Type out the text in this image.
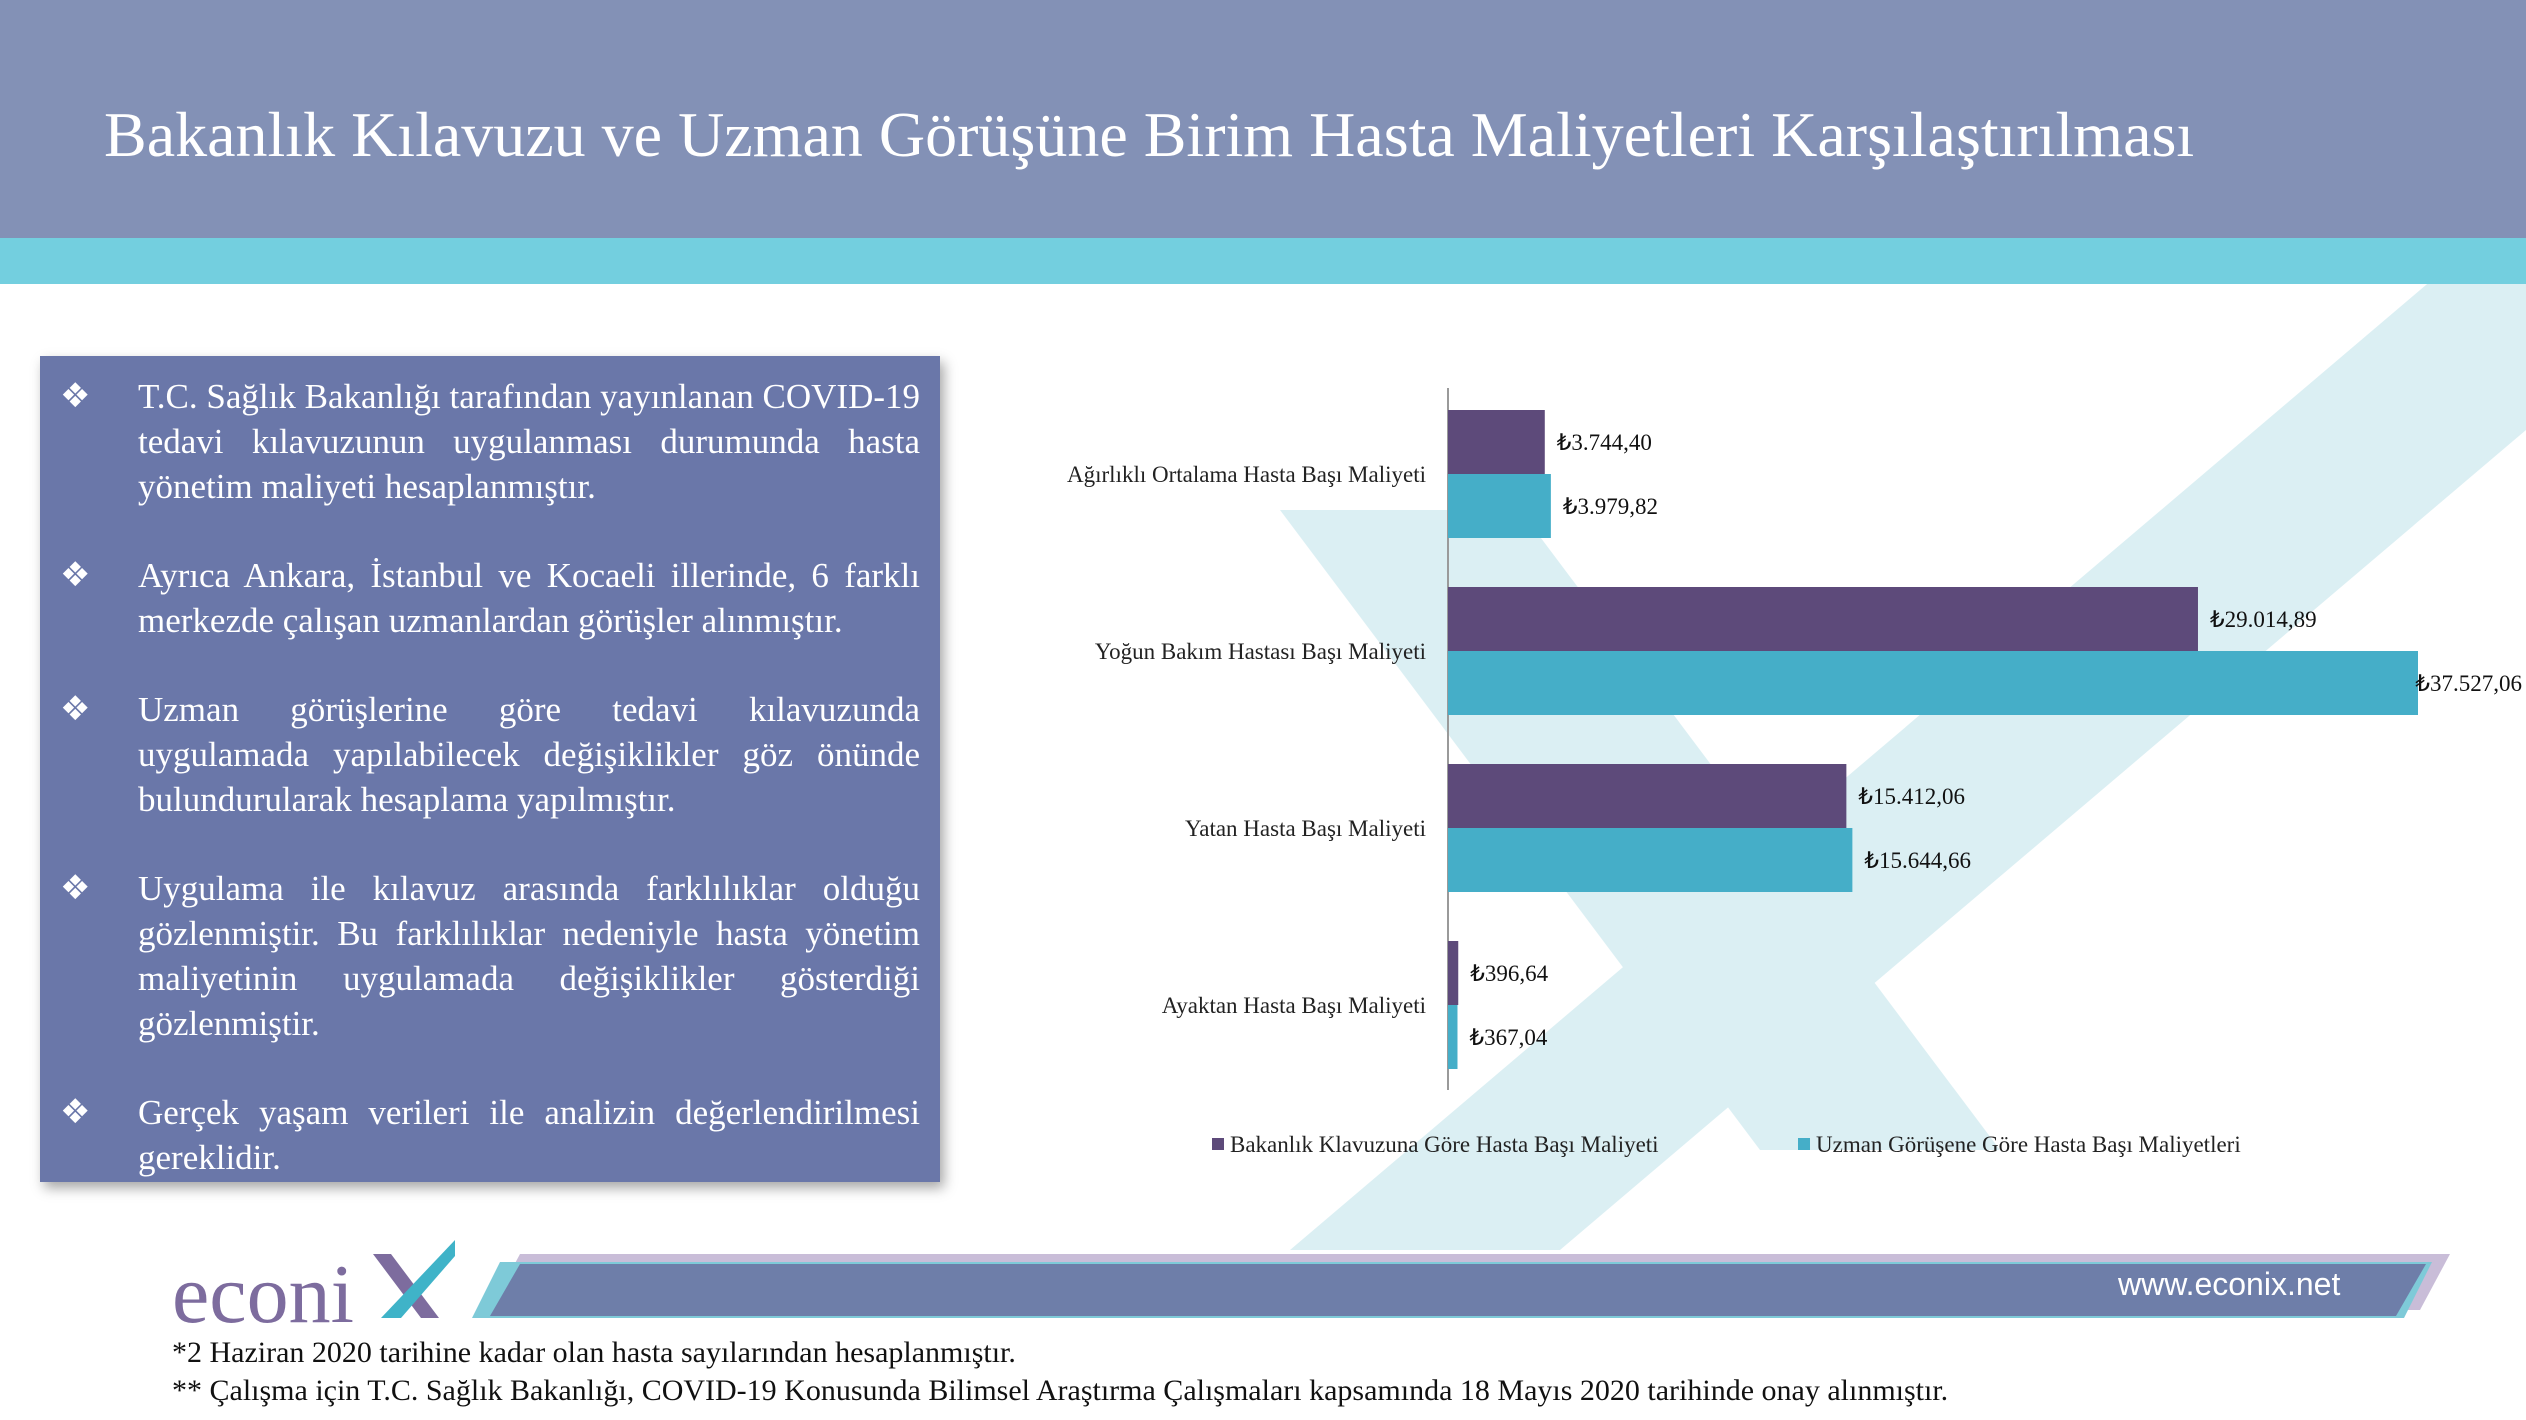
Bakanlık Kılavuzu ve Uzman Görüşüne Birim Hasta Maliyetleri Karşılaştırılması
❖	T.C. Sağlık Bakanlığı tarafından yayınlanan COVID-19 tedavi kılavuzunun uygulanması durumunda hasta yönetim maliyeti hesaplanmıştır.
❖	Ayrıca Ankara, İstanbul ve Kocaeli illerinde, 6 farklı merkezde çalışan uzmanlardan görüşler alınmıştır.
❖	Uzman görüşlerine göre tedavi kılavuzunda uygulamada yapılabilecek değişiklikler göz önünde bulundurularak hesaplama yapılmıştır.
❖	Uygulama ile kılavuz arasında farklılıklar olduğu gözlenmiştir. Bu farklılıklar nedeniyle hasta yönetim maliyetinin uygulamada değişiklikler gösterdiği gözlenmiştir.
❖	Gerçek yaşam verileri ile analizin değerlendirilmesi gereklidir.
Ağırlıklı Ortalama Hasta Başı Maliyeti
₺3.744,40
₺3.979,82
Yoğun Bakım Hastası Başı Maliyeti
₺29.014,89
₺37.527,06
Yatan Hasta Başı Maliyeti
₺15.412,06
₺15.644,66
Ayaktan Hasta Başı Maliyeti
₺396,64
₺367,04
Bakanlık Klavuzuna Göre Hasta Başı Maliyeti	Uzman Görüşene Göre Hasta Başı Maliyetleri
econi	www.econix.net
*2 Haziran 2020 tarihine kadar olan hasta sayılarından hesaplanmıştır.
** Çalışma için T.C. Sağlık Bakanlığı, COVID-19 Konusunda Bilimsel Araştırma Çalışmaları kapsamında 18 Mayıs 2020 tarihinde onay alınmıştır.
